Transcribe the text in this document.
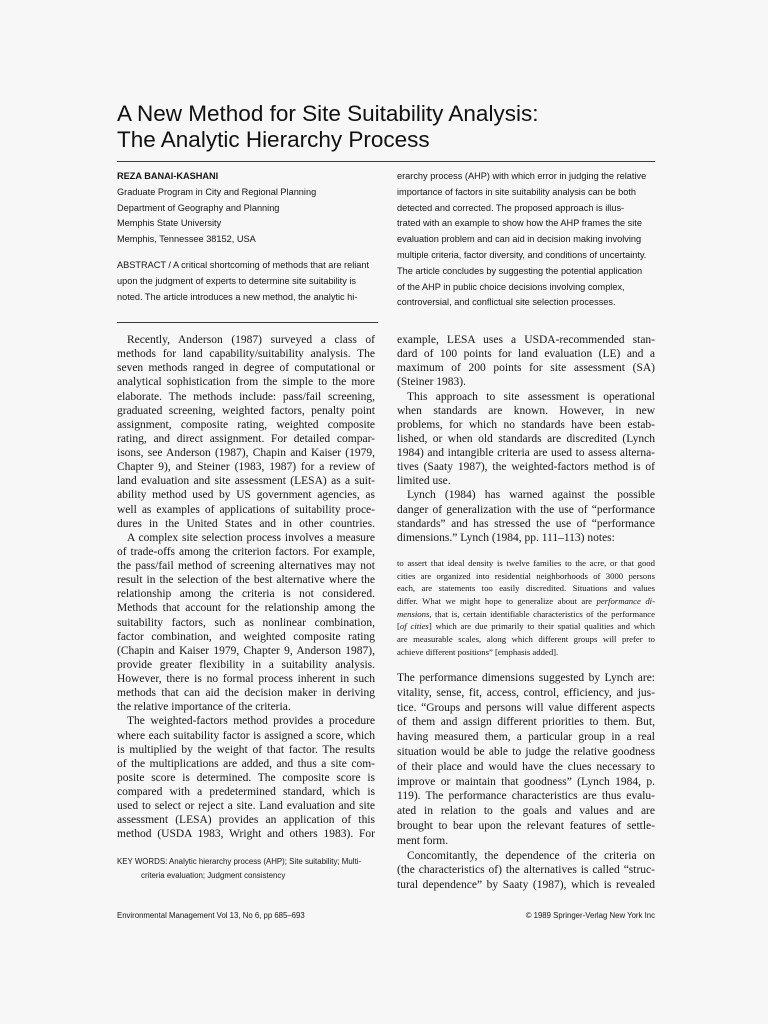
A New Method for Site Suitability Analysis:
The Analytic Hierarchy Process
REZA BANAI-KASHANI
Graduate Program in City and Regional Planning
Department of Geography and Planning
Memphis State University
Memphis, Tennessee 38152, USA
ABSTRACT / A critical shortcoming of methods that are reliant
upon the judgment of experts to determine site suitability is
noted. The article introduces a new method, the analytic hi-
erarchy process (AHP) with which error in judging the relative
importance of factors in site suitability analysis can be both
detected and corrected. The proposed approach is illus-
trated with an example to show how the AHP frames the site
evaluation problem and can aid in decision making involving
multiple criteria, factor diversity, and conditions of uncertainty.
The article concludes by suggesting the potential application
of the AHP in public choice decisions involving complex,
controversial, and conflictual site selection processes.
Recently, Anderson (1987) surveyed a class of
methods for land capability/suitability analysis. The
seven methods ranged in degree of computational or
analytical sophistication from the simple to the more
elaborate. The methods include: pass/fail screening,
graduated screening, weighted factors, penalty point
assignment, composite rating, weighted composite
rating, and direct assignment. For detailed compar-
isons, see Anderson (1987), Chapin and Kaiser (1979,
Chapter 9), and Steiner (1983, 1987) for a review of
land evaluation and site assessment (LESA) as a suit-
ability method used by US government agencies, as
well as examples of applications of suitability proce-
dures in the United States and in other countries.
A complex site selection process involves a measure
of trade-offs among the criterion factors. For example,
the pass/fail method of screening alternatives may not
result in the selection of the best alternative where the
relationship among the criteria is not considered.
Methods that account for the relationship among the
suitability factors, such as nonlinear combination,
factor combination, and weighted composite rating
(Chapin and Kaiser 1979, Chapter 9, Anderson 1987),
provide greater flexibility in a suitability analysis.
However, there is no formal process inherent in such
methods that can aid the decision maker in deriving
the relative importance of the criteria.
The weighted-factors method provides a procedure
where each suitability factor is assigned a score, which
is multiplied by the weight of that factor. The results
of the multiplications are added, and thus a site com-
posite score is determined. The composite score is
compared with a predetermined standard, which is
used to select or reject a site. Land evaluation and site
assessment (LESA) provides an application of this
method (USDA 1983, Wright and others 1983). For
KEY WORDS: Analytic hierarchy process (AHP); Site suitability; Multi-
criteria evaluation; Judgment consistency
example, LESA uses a USDA-recommended stan-
dard of 100 points for land evaluation (LE) and a
maximum of 200 points for site assessment (SA)
(Steiner 1983).
This approach to site assessment is operational
when standards are known. However, in new
problems, for which no standards have been estab-
lished, or when old standards are discredited (Lynch
1984) and intangible criteria are used to assess alterna-
tives (Saaty 1987), the weighted-factors method is of
limited use.
Lynch (1984) has warned against the possible
danger of generalization with the use of “performance
standards” and has stressed the use of “performance
dimensions.” Lynch (1984, pp. 111–113) notes:
to assert that ideal density is twelve families to the acre, or that good
cities are organized into residential neighborhoods of 3000 persons
each, are statements too easily discredited. Situations and values
differ. What we might hope to generalize about are performance di-
mensions, that is, certain identifiable characteristics of the performance
[of cities] which are due primarily to their spatial qualities and which
are measurable scales, along which different groups will prefer to
achieve different positions” [emphasis added].
The performance dimensions suggested by Lynch are:
vitality, sense, fit, access, control, efficiency, and jus-
tice. “Groups and persons will value different aspects
of them and assign different priorities to them. But,
having measured them, a particular group in a real
situation would be able to judge the relative goodness
of their place and would have the clues necessary to
improve or maintain that goodness” (Lynch 1984, p.
119). The performance characteristics are thus evalu-
ated in relation to the goals and values and are
brought to bear upon the relevant features of settle-
ment form.
Concomitantly, the dependence of the criteria on
(the characteristics of) the alternatives is called “struc-
tural dependence” by Saaty (1987), which is revealed
Environmental Management Vol 13, No 6, pp 685–693	© 1989 Springer-Verlag New York Inc
